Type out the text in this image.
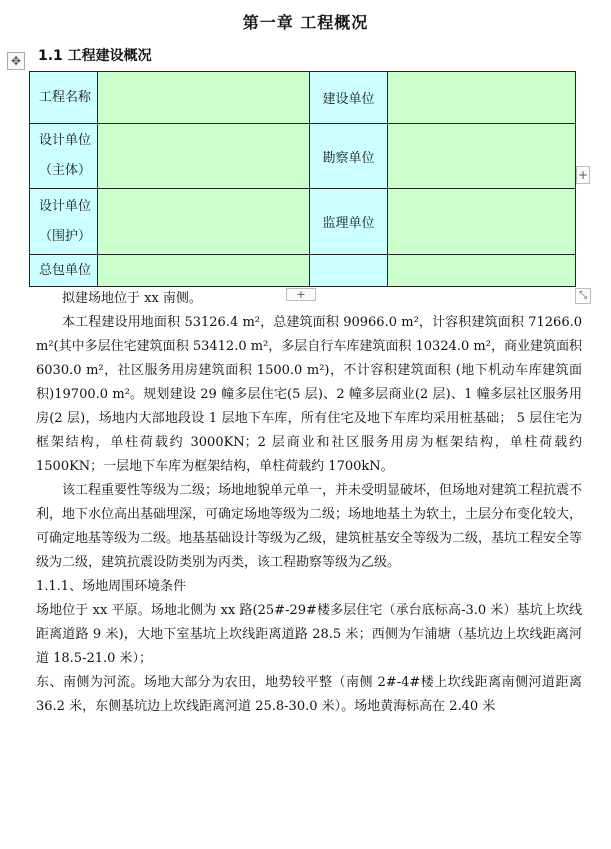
第一章 工程概况
✥ 1.1 工程建设概况
工程名称		建设单位	

设计单位
（主体）		勘察单位	

设计单位
（围护）		监理单位	

总包单位			

+
+	⤡

拟建场地位于 xx 南侧。

本工程建设用地面积 53126.4 m²，总建筑面积 90966.0 m²，计容积建筑面积 71266.0 m²(其中多层住宅建筑面积 53412.0 m²，多层自行车库建筑面积 10324.0 m²，商业建筑面积 6030.0 m²，社区服务用房建筑面积 1500.0 m²)，不计容积建筑面积 (地下机动车库建筑面积)19700.0 m²。规划建设 29 幢多层住宅(5 层)、2 幢多层商业(2 层)、1 幢多层社区服务用房(2 层)，场地内大部地段设 1 层地下车库，所有住宅及地下车库均采用桩基础； 5 层住宅为框架结构，单柱荷载约 3000KN；2 层商业和社区服务用房为框架结构，单柱荷载约 1500KN；一层地下车库为框架结构，单柱荷载约 1700kN。

该工程重要性等级为二级；场地地貌单元单一，并未受明显破坏，但场地对建筑工程抗震不利，地下水位高出基础埋深，可确定场地等级为二级；场地地基土为软土，土层分布变化较大，可确定地基等级为二级。地基基础设计等级为乙级，建筑桩基安全等级为二级，基坑工程安全等级为二级，建筑抗震设防类别为丙类，该工程勘察等级为乙级。

1.1.1、场地周围环境条件

场地位于 xx 平原。场地北侧为 xx 路(25#-29#楼多层住宅（承台底标高-3.0 米）基坑上坎线距离道路 9 米)，大地下室基坑上坎线距离道路 28.5 米；西侧为乍浦塘（基坑边上坎线距离河道 18.5-21.0 米）；

东、南侧为河流。场地大部分为农田，地势较平整（南侧 2#-4#楼上坎线距离南侧河道距离 36.2 米，东侧基坑边上坎线距离河道 25.8-30.0 米）。场地黄海标高在 2.40 米
